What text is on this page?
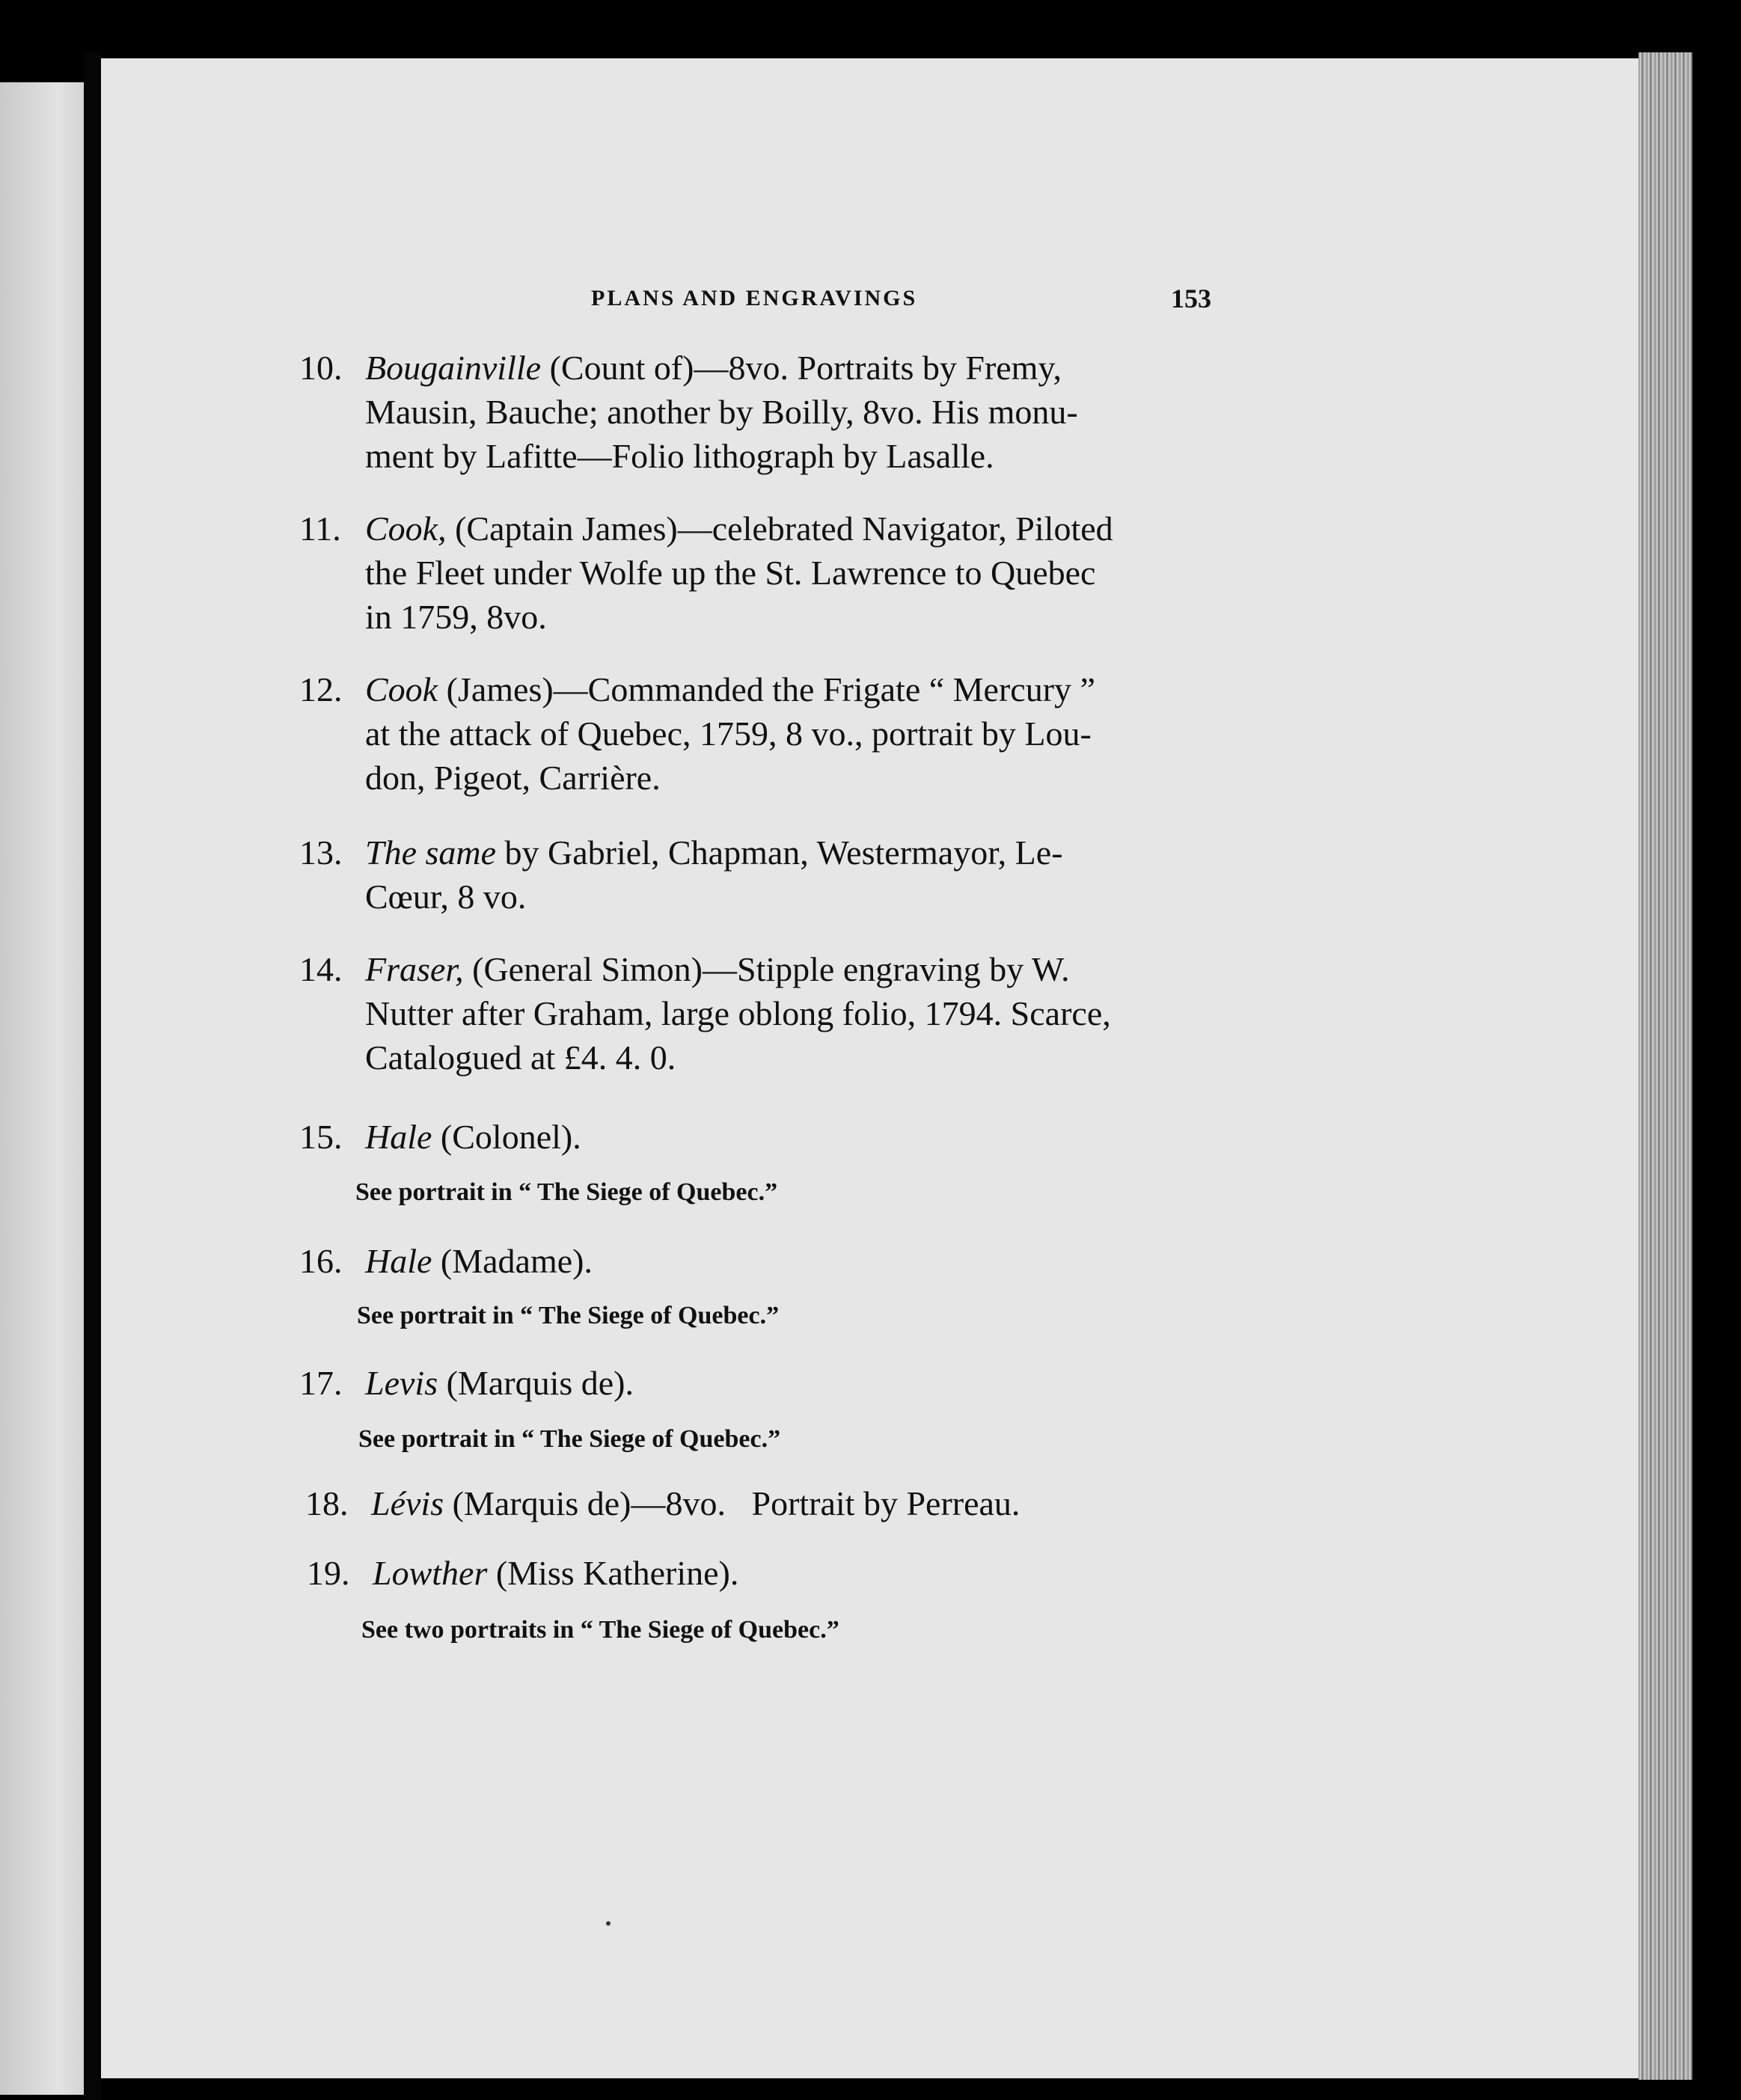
PLANS AND ENGRAVINGS	153
10. Bougainville (Count of)—8vo. Portraits by Fremy,

Mausin, Bauche; another by Boilly, 8vo. His monu-

ment by Lafitte—Folio lithograph by Lasalle.

11. Cook, (Captain James)—celebrated Navigator, Piloted

the Fleet under Wolfe up the St. Lawrence to Quebec

in 1759, 8vo.

12. Cook (James)—Commanded the Frigate “ Mercury ”

at the attack of Quebec, 1759, 8 vo., portrait by Lou-

don, Pigeot, Carrière.

13. The same by Gabriel, Chapman, Westermayor, Le-

Cœur, 8 vo.

14. Fraser, (General Simon)—Stipple engraving by W.

Nutter after Graham, large oblong folio, 1794. Scarce,

Catalogued at £4. 4. 0.

15. Hale (Colonel).

See portrait in “ The Siege of Quebec.”
16. Hale (Madame).

See portrait in “ The Siege of Quebec.”
17. Levis (Marquis de).

See portrait in “ The Siege of Quebec.”
18. Lévis (Marquis de)—8vo.   Portrait by Perreau.

19. Lowther (Miss Katherine).

See two portraits in “ The Siege of Quebec.”
